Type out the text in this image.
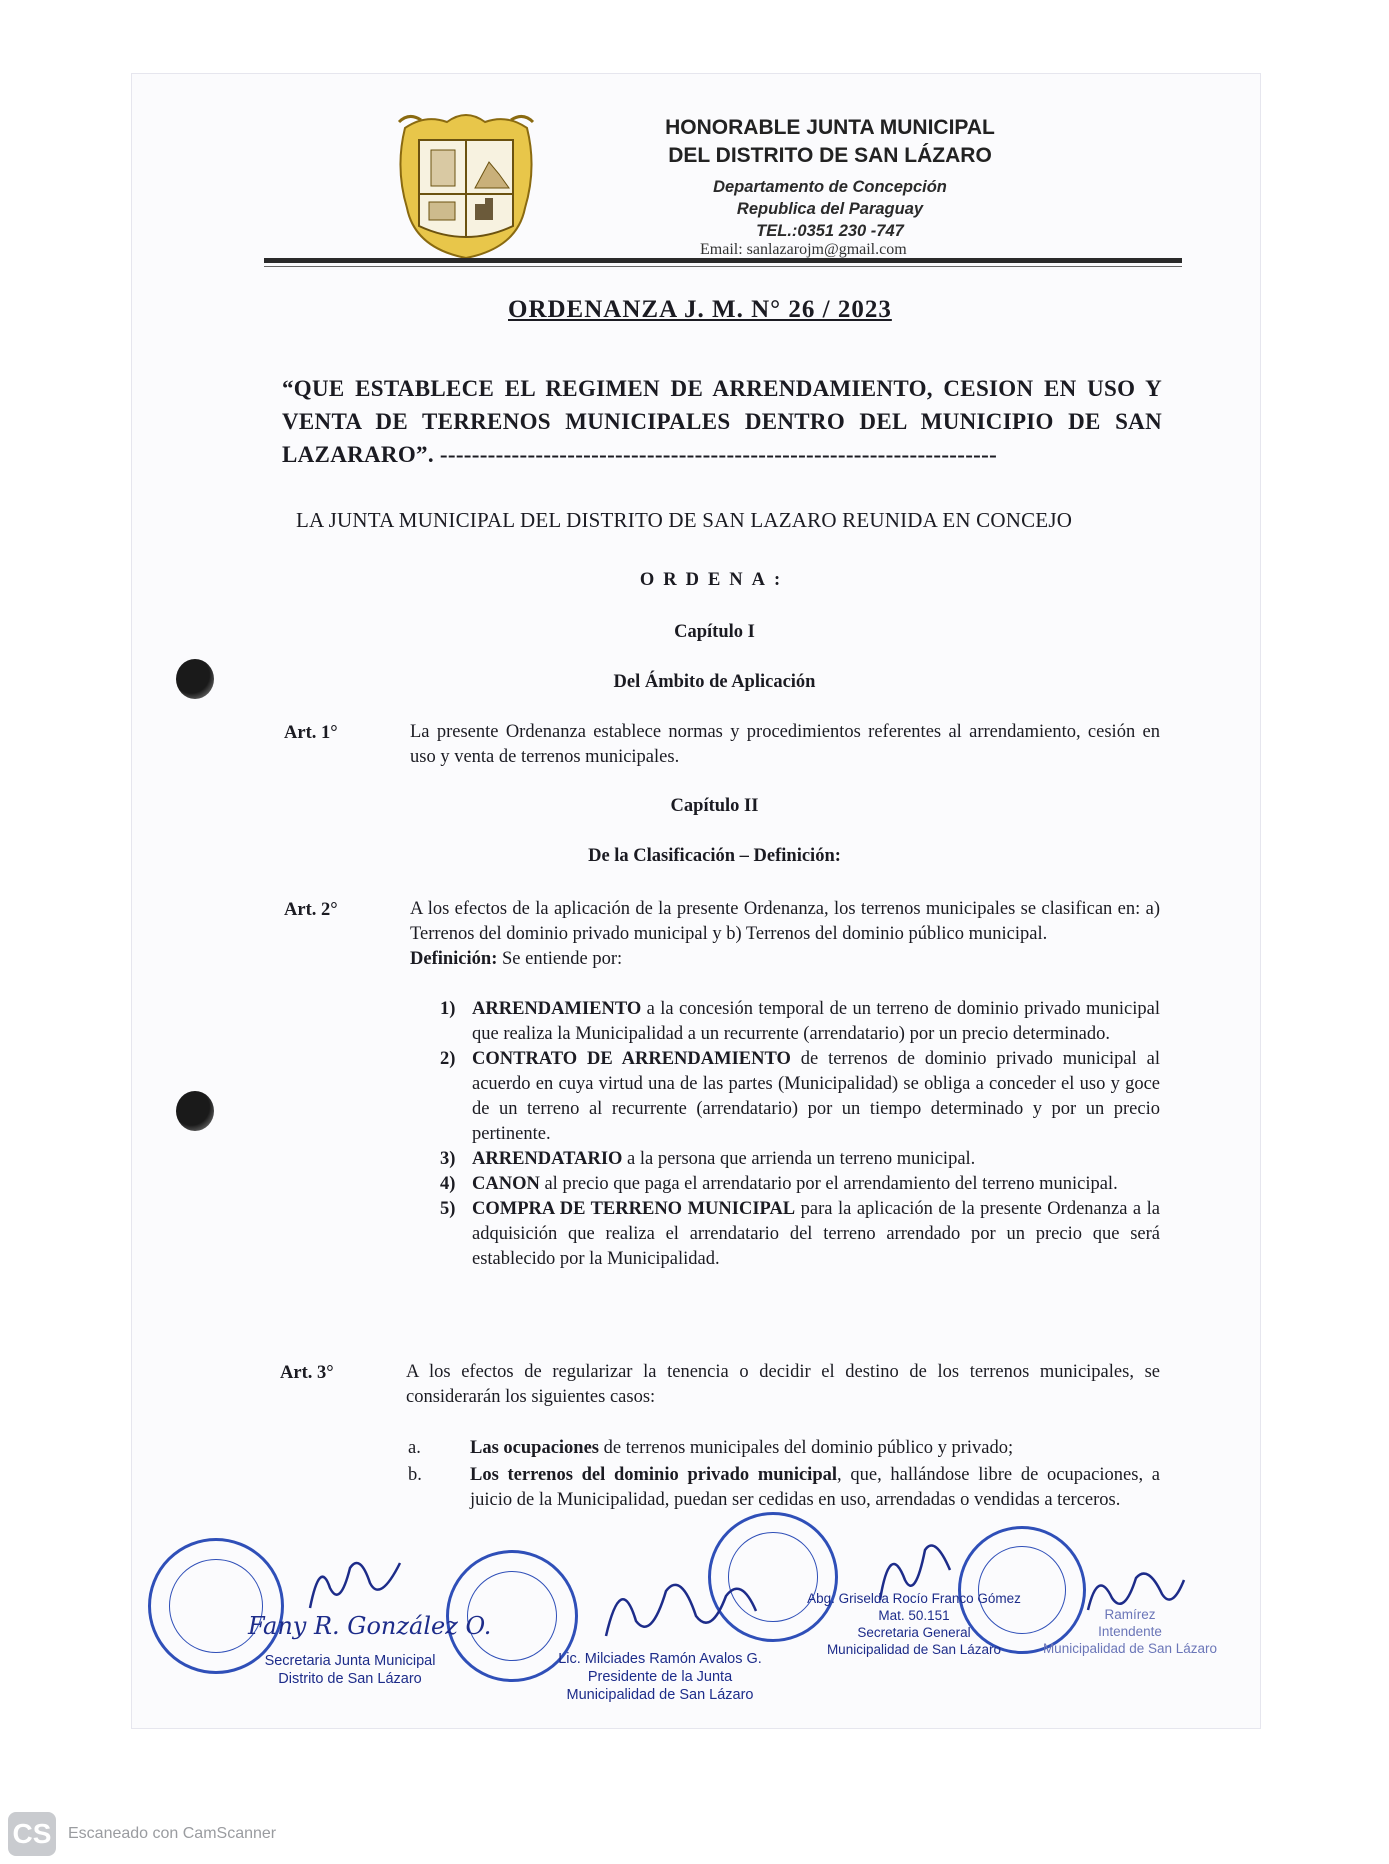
HONORABLE JUNTA MUNICIPAL
DEL DISTRITO DE SAN LÁZARO
Departamento de Concepción
Republica del Paraguay
TEL.:0351 230 -747
Email: sanlazarojm@gmail.com
ORDENANZA J. M. N° 26 / 2023
“QUE ESTABLECE EL REGIMEN DE ARRENDAMIENTO, CESION EN USO Y VENTA DE TERRENOS MUNICIPALES DENTRO DEL MUNICIPIO DE SAN LAZARARO”. ----------------------------------------------------------------------
LA JUNTA MUNICIPAL DEL DISTRITO DE SAN LAZARO REUNIDA EN CONCEJO
ORDENA:
Capítulo I
Del Ámbito de Aplicación
Art. 1°	La presente Ordenanza establece normas y procedimientos referentes al arrendamiento, cesión en uso y venta de terrenos municipales.
Capítulo II
De la Clasificación – Definición:
Art. 2°	A los efectos de la aplicación de la presente Ordenanza, los terrenos municipales se clasifican en: a) Terrenos del dominio privado municipal y b) Terrenos del dominio público municipal.
Definición: Se entiende por:
1) ARRENDAMIENTO a la concesión temporal de un terreno de dominio privado municipal que realiza la Municipalidad a un recurrente (arrendatario) por un precio determinado.
2) CONTRATO DE ARRENDAMIENTO de terrenos de dominio privado municipal al acuerdo en cuya virtud una de las partes (Municipalidad) se obliga a conceder el uso y goce de un terreno al recurrente (arrendatario) por un tiempo determinado y por un precio pertinente.
3) ARRENDATARIO a la persona que arrienda un terreno municipal.
4) CANON al precio que paga el arrendatario por el arrendamiento del terreno municipal.
5) COMPRA DE TERRENO MUNICIPAL para la aplicación de la presente Ordenanza a la adquisición que realiza el arrendatario del terreno arrendado por un precio que será establecido por la Municipalidad.
Art. 3°	A los efectos de regularizar la tenencia o decidir el destino de los terrenos municipales, se considerarán los siguientes casos:
a.	Las ocupaciones de terrenos municipales del dominio público y privado;
b.	Los terrenos del dominio privado municipal, que, hallándose libre de ocupaciones, a juicio de la Municipalidad, puedan ser cedidas en uso, arrendadas o vendidas a terceros.
Fany R. González O.
Secretaria Junta Municipal
Distrito de San Lázaro
Lic. Milciades Ramón Avalos G.
Presidente de la Junta
Municipalidad de San Lázaro
Abg. Griselda Rocío Franco Gómez
Mat. 50.151
Secretaria General
Municipalidad de San Lázaro
Ramírez
Intendente
Municipalidad de San Lázaro
CS Escaneado con CamScanner
